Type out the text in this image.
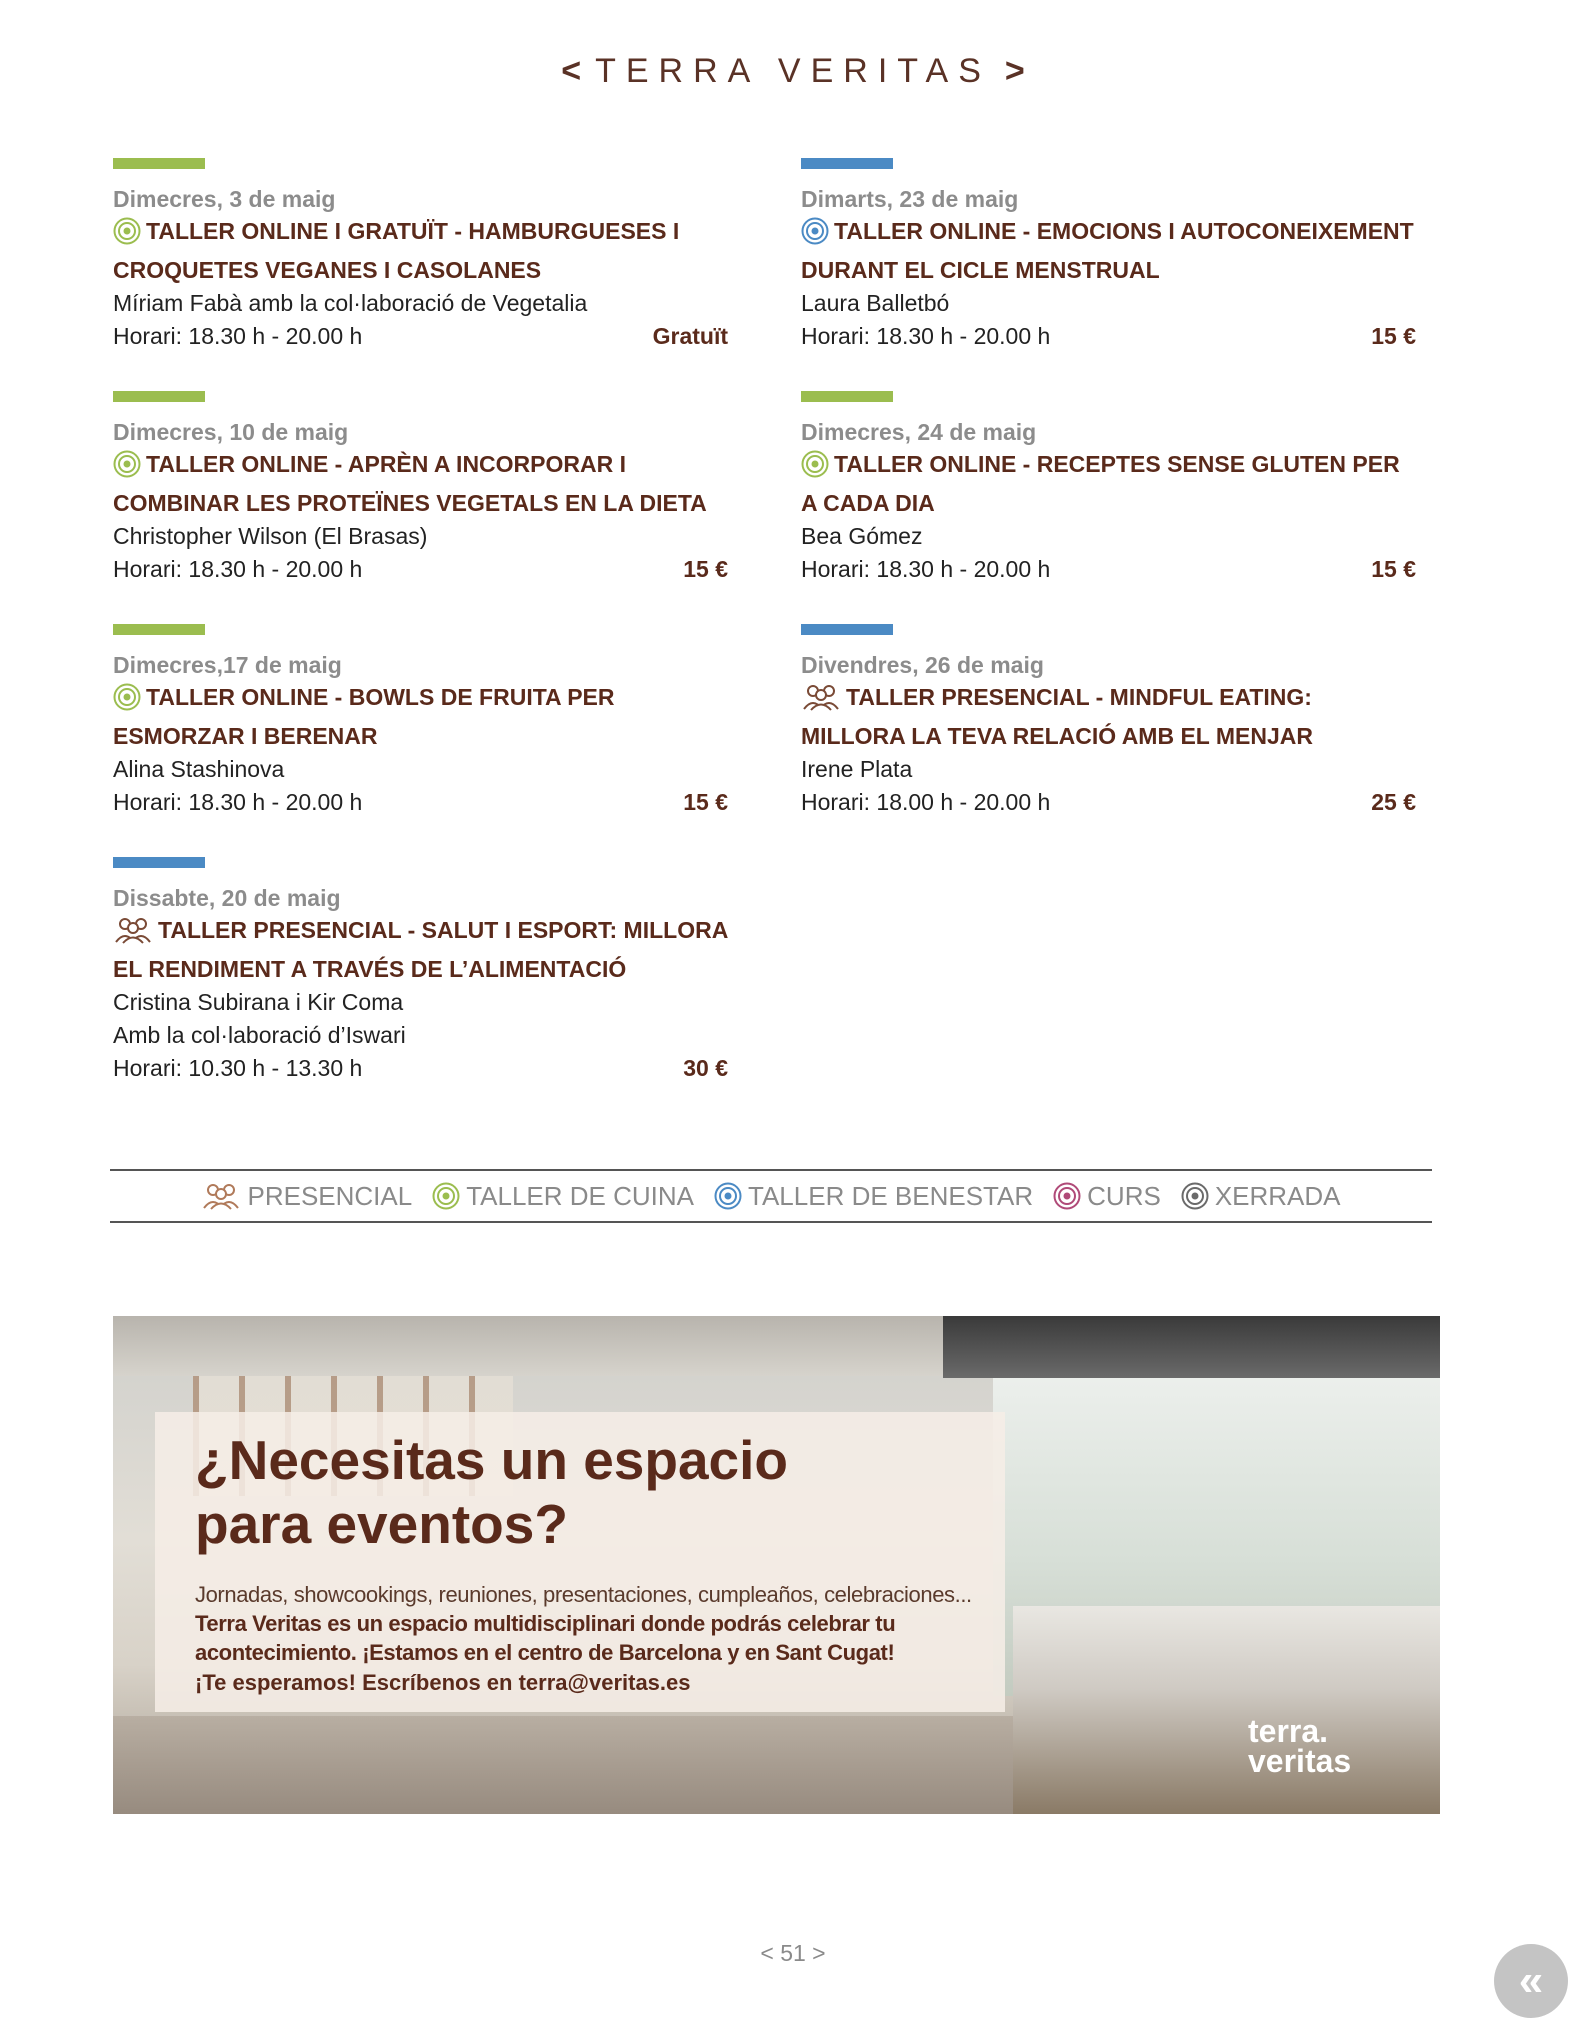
< TERRA VERITAS >
Dimecres, 3 de maig
TALLER ONLINE I GRATUÏT - HAMBURGUESES I CROQUETES VEGANES I CASOLANES
Míriam Fabà amb la col·laboració de Vegetalia
Horari: 18.30 h - 20.00 h	Gratuït
Dimecres, 10 de maig
TALLER ONLINE - APRÈN A INCORPORAR I COMBINAR LES PROTEÏNES VEGETALS EN LA DIETA
Christopher Wilson (El Brasas)
Horari: 18.30 h - 20.00 h	15 €
Dimecres,17 de maig
TALLER ONLINE - BOWLS DE FRUITA PER ESMORZAR I BERENAR
Alina Stashinova
Horari: 18.30 h - 20.00 h	15 €
Dissabte, 20 de maig
TALLER PRESENCIAL - SALUT I ESPORT: MILLORA EL RENDIMENT A TRAVÉS DE L’ALIMENTACIÓ
Cristina Subirana i Kir Coma
Amb la col·laboració d’Iswari
Horari: 10.30 h - 13.30 h	30 €
Dimarts, 23 de maig
TALLER ONLINE - EMOCIONS I AUTOCONEIXEMENT DURANT EL CICLE MENSTRUAL
Laura Balletbó
Horari: 18.30 h - 20.00 h	15 €
Dimecres, 24 de maig
TALLER ONLINE - RECEPTES SENSE GLUTEN PER A CADA DIA
Bea Gómez
Horari: 18.30 h - 20.00 h	15 €
Divendres, 26 de maig
TALLER PRESENCIAL - MINDFUL EATING: MILLORA LA TEVA RELACIÓ AMB EL MENJAR
Irene Plata
Horari: 18.00 h - 20.00 h	25 €
PRESENCIAL TALLER DE CUINA TALLER DE BENESTAR CURS XERRADA
¿Necesitas un espacio
para eventos?
Jornadas, showcookings, reuniones, presentaciones, cumpleaños, celebraciones... Terra Veritas es un espacio multidisciplinari donde podrás celebrar tu acontecimiento. ¡Estamos en el centro de Barcelona y en Sant Cugat!
¡Te esperamos! Escríbenos en terra@veritas.es
terra.
veritas
< 51 >
«
